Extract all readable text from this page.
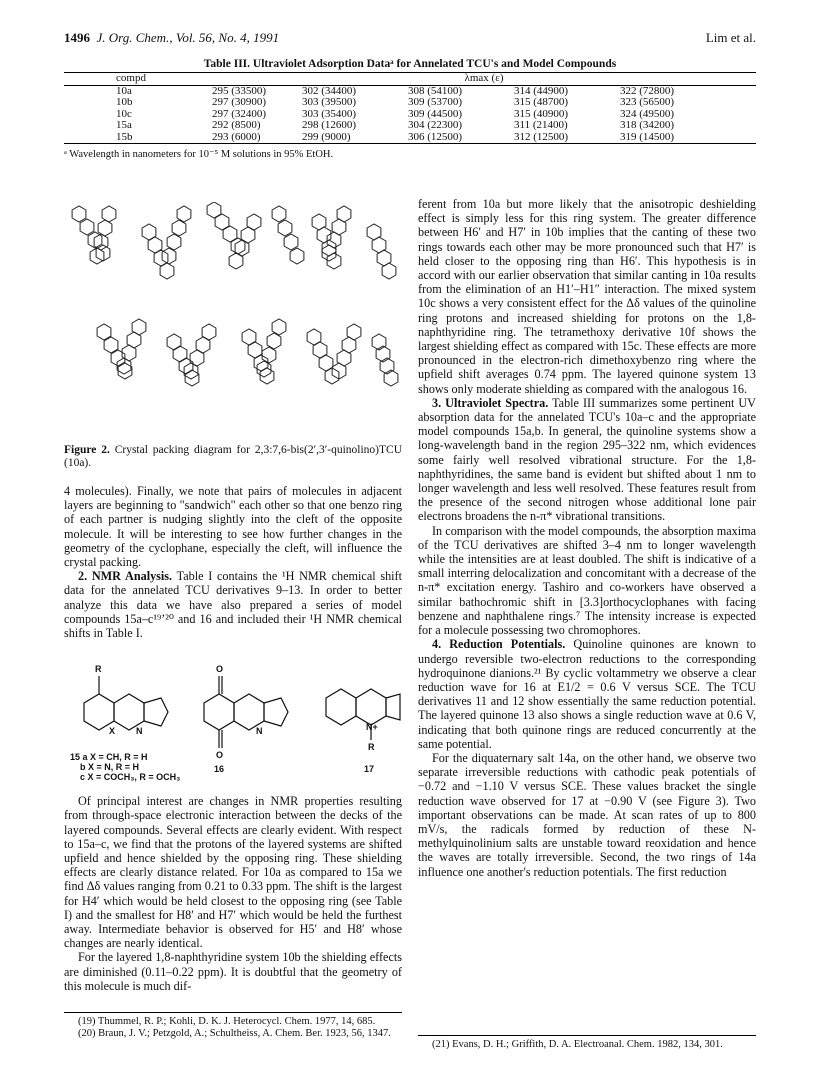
1496 J. Org. Chem., Vol. 56, No. 4, 1991	Lim et al.
Table III. Ultraviolet Adsorption Dataᵃ for Annelated TCU's and Model Compounds
compd	λmax (ε)				
10a	295 (33500)	302 (34400)	308 (54100)	314 (44900)	322 (72800)
10b	297 (30900)	303 (39500)	309 (53700)	315 (48700)	323 (56500)
10c	297 (32400)	303 (35400)	309 (44500)	315 (40900)	324 (49500)
15a	292 (8500)	298 (12600)	304 (22300)	311 (21400)	318 (34200)
15b	293 (6000)	299 (9000)	306 (12500)	312 (12500)	319 (14500)
ᵃ Wavelength in nanometers for 10⁻⁵ M solutions in 95% EtOH.
Figure 2. Crystal packing diagram for 2,3:7,6-bis(2′,3′-quinolino)TCU (10a).

4 molecules). Finally, we note that pairs of molecules in adjacent layers are beginning to "sandwich" each other so that one benzo ring of each partner is nudging slightly into the cleft of the opposite molecule. It will be interesting to see how further changes in the geometry of the cyclophane, especially the cleft, will influence the crystal packing.

2. NMR Analysis. Table I contains the ¹H NMR chemical shift data for the annelated TCU derivatives 9–13. In order to better analyze this data we have also prepared a series of model compounds 15a–c¹⁹ʼ²⁰ and 16 and included their ¹H NMR chemical shifts in Table I.

R
X N
O
O
N	N+
R
15 a X = CH, R = H
b X = N, R = H
c X = COCH₃, R = OCH₃
16	17

Of principal interest are changes in NMR properties resulting from through-space electronic interaction between the decks of the layered compounds. Several effects are clearly evident. With respect to 15a–c, we find that the protons of the layered systems are shifted upfield and hence shielded by the opposing ring. These shielding effects are clearly distance related. For 10a as compared to 15a we find Δδ values ranging from 0.21 to 0.33 ppm. The shift is the largest for H4′ which would be held closest to the opposing ring (see Table I) and the smallest for H8′ and H7′ which would be held the furthest away. Intermediate behavior is observed for H5′ and H8′ whose changes are nearly identical.

For the layered 1,8-naphthyridine system 10b the shielding effects are diminished (0.11–0.22 ppm). It is doubtful that the geometry of this molecule is much dif-

(19) Thummel, R. P.; Kohli, D. K. J. Heterocycl. Chem. 1977, 14, 685.
(20) Braun, J. V.; Petzgold, A.; Schultheiss, A. Chem. Ber. 1923, 56, 1347.

ferent from 10a but more likely that the anisotropic deshielding effect is simply less for this ring system. The greater difference between H6′ and H7′ in 10b implies that the canting of these two rings towards each other may be more pronounced such that H7′ is held closer to the opposing ring than H6′. This hypothesis is in accord with our earlier observation that similar canting in 10a results from the elimination of an H1′–H1″ interaction. The mixed system 10c shows a very consistent effect for the Δδ values of the quinoline ring protons and increased shielding for protons on the 1,8-naphthyridine ring. The tetramethoxy derivative 10f shows the largest shielding effect as compared with 15c. These effects are more pronounced in the electron-rich dimethoxybenzo ring where the upfield shift averages 0.74 ppm. The layered quinone system 13 shows only moderate shielding as compared with the analogous 16.

3. Ultraviolet Spectra. Table III summarizes some pertinent UV absorption data for the annelated TCU's 10a–c and the appropriate model compounds 15a,b. In general, the quinoline systems show a long-wavelength band in the region 295–322 nm, which evidences some fairly well resolved vibrational structure. For the 1,8-naphthyridines, the same band is evident but shifted about 1 nm to longer wavelength and less well resolved. These features result from the presence of the second nitrogen whose additional lone pair electrons broadens the n-π* vibrational transitions.

In comparison with the model compounds, the absorption maxima of the TCU derivatives are shifted 3–4 nm to longer wavelength while the intensities are at least doubled. The shift is indicative of a small interring delocalization and concomitant with a decrease of the n-π* excitation energy. Tashiro and co-workers have observed a similar bathochromic shift in [3.3]orthocyclophanes with facing benzene and naphthalene rings.⁷ The intensity increase is expected for a molecule possessing two chromophores.

4. Reduction Potentials. Quinoline quinones are known to undergo reversible two-electron reductions to the corresponding hydroquinone dianions.²¹ By cyclic voltammetry we observe a clear reduction wave for 16 at E1/2 = 0.6 V versus SCE. The TCU derivatives 11 and 12 show essentially the same reduction potential. The layered quinone 13 also shows a single reduction wave at 0.6 V, indicating that both quinone rings are reduced concurrently at the same potential.

For the diquaternary salt 14a, on the other hand, we observe two separate irreversible reductions with cathodic peak potentials of −0.72 and −1.10 V versus SCE. These values bracket the single reduction wave observed for 17 at −0.90 V (see Figure 3). Two important observations can be made. At scan rates of up to 800 mV/s, the radicals formed by reduction of these N-methylquinolinium salts are unstable toward reoxidation and hence the waves are totally irreversible. Second, the two rings of 14a influence one another's reduction potentials. The first reduction

(21) Evans, D. H.; Griffith, D. A. Electroanal. Chem. 1982, 134, 301.
